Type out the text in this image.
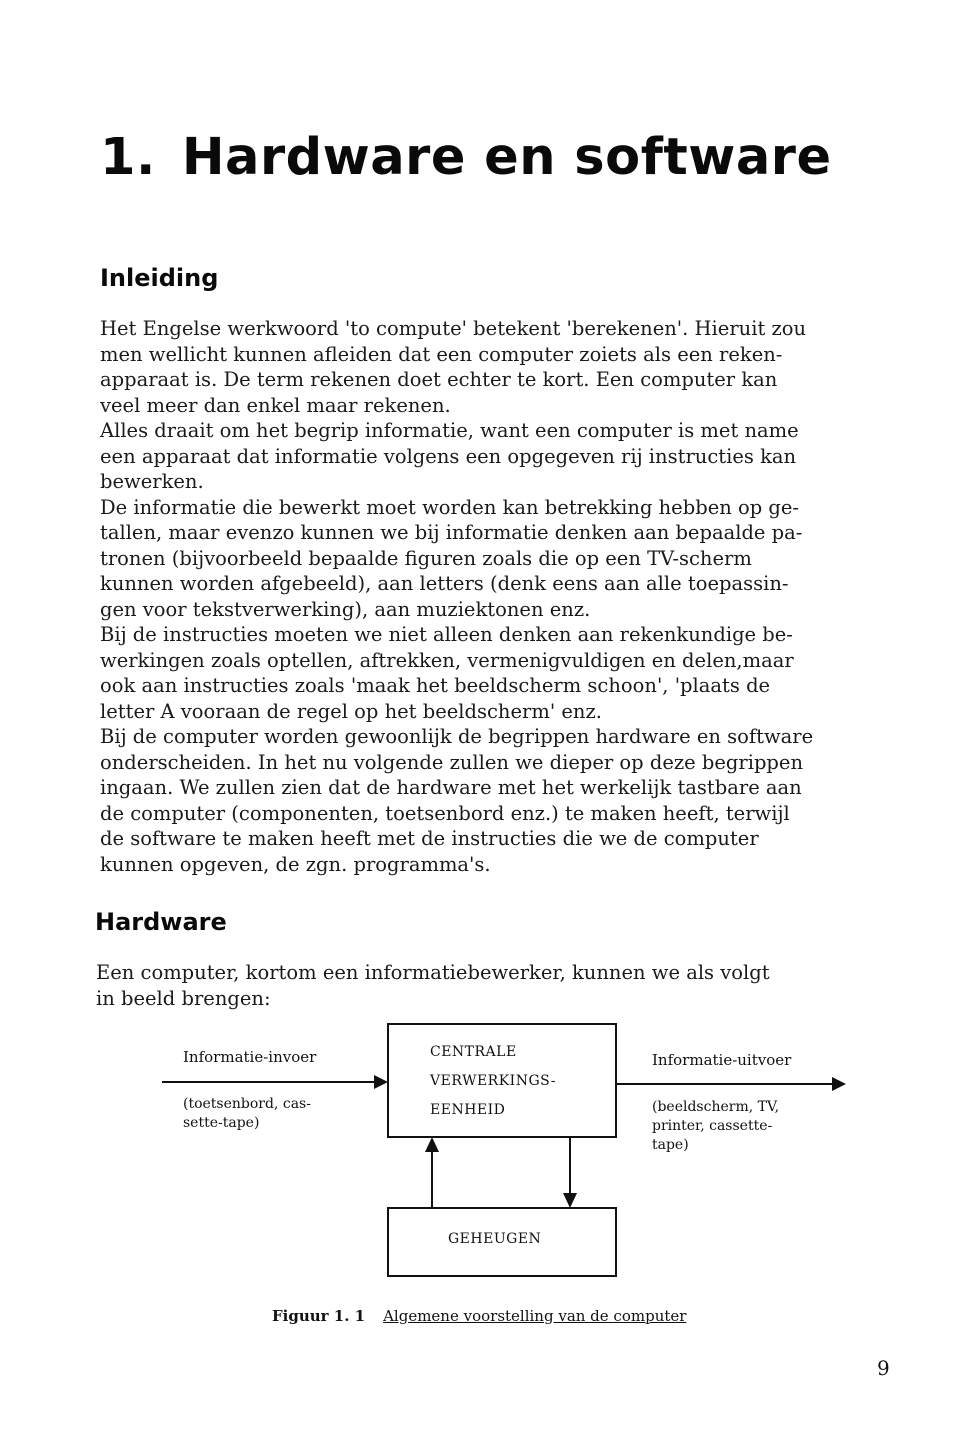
1. Hardware en software
Inleiding
Het Engelse werkwoord 'to compute' betekent 'berekenen'. Hieruit zou
men wellicht kunnen afleiden dat een computer zoiets als een reken-
apparaat is. De term rekenen doet echter te kort. Een computer kan
veel meer dan enkel maar rekenen.
Alles draait om het begrip informatie, want een computer is met name
een apparaat dat informatie volgens een opgegeven rij instructies kan
bewerken.
De informatie die bewerkt moet worden kan betrekking hebben op ge-
tallen, maar evenzo kunnen we bij informatie denken aan bepaalde pa-
tronen (bijvoorbeeld bepaalde figuren zoals die op een TV-scherm
kunnen worden afgebeeld), aan letters (denk eens aan alle toepassin-
gen voor tekstverwerking), aan muziektonen enz.
Bij de instructies moeten we niet alleen denken aan rekenkundige be-
werkingen zoals optellen, aftrekken, vermenigvuldigen en delen,maar
ook aan instructies zoals 'maak het beeldscherm schoon', 'plaats de
letter A vooraan de regel op het beeldscherm' enz.
Bij de computer worden gewoonlijk de begrippen hardware en software
onderscheiden. In het nu volgende zullen we dieper op deze begrippen
ingaan. We zullen zien dat de hardware met het werkelijk tastbare aan
de computer (componenten, toetsenbord enz.) te maken heeft, terwijl
de software te maken heeft met de instructies die we de computer
kunnen opgeven, de zgn. programma's.
Hardware
Een computer, kortom een informatiebewerker, kunnen we als volgt
in beeld brengen:
Informatie-invoer
(toetsenbord, cas-
sette-tape)
CENTRALE
VERWERKINGS-
EENHEID
Informatie-uitvoer
(beeldscherm, TV,
printer, cassette-
tape)
GEHEUGEN
Figuur 1. 1 Algemene voorstelling van de computer
9
